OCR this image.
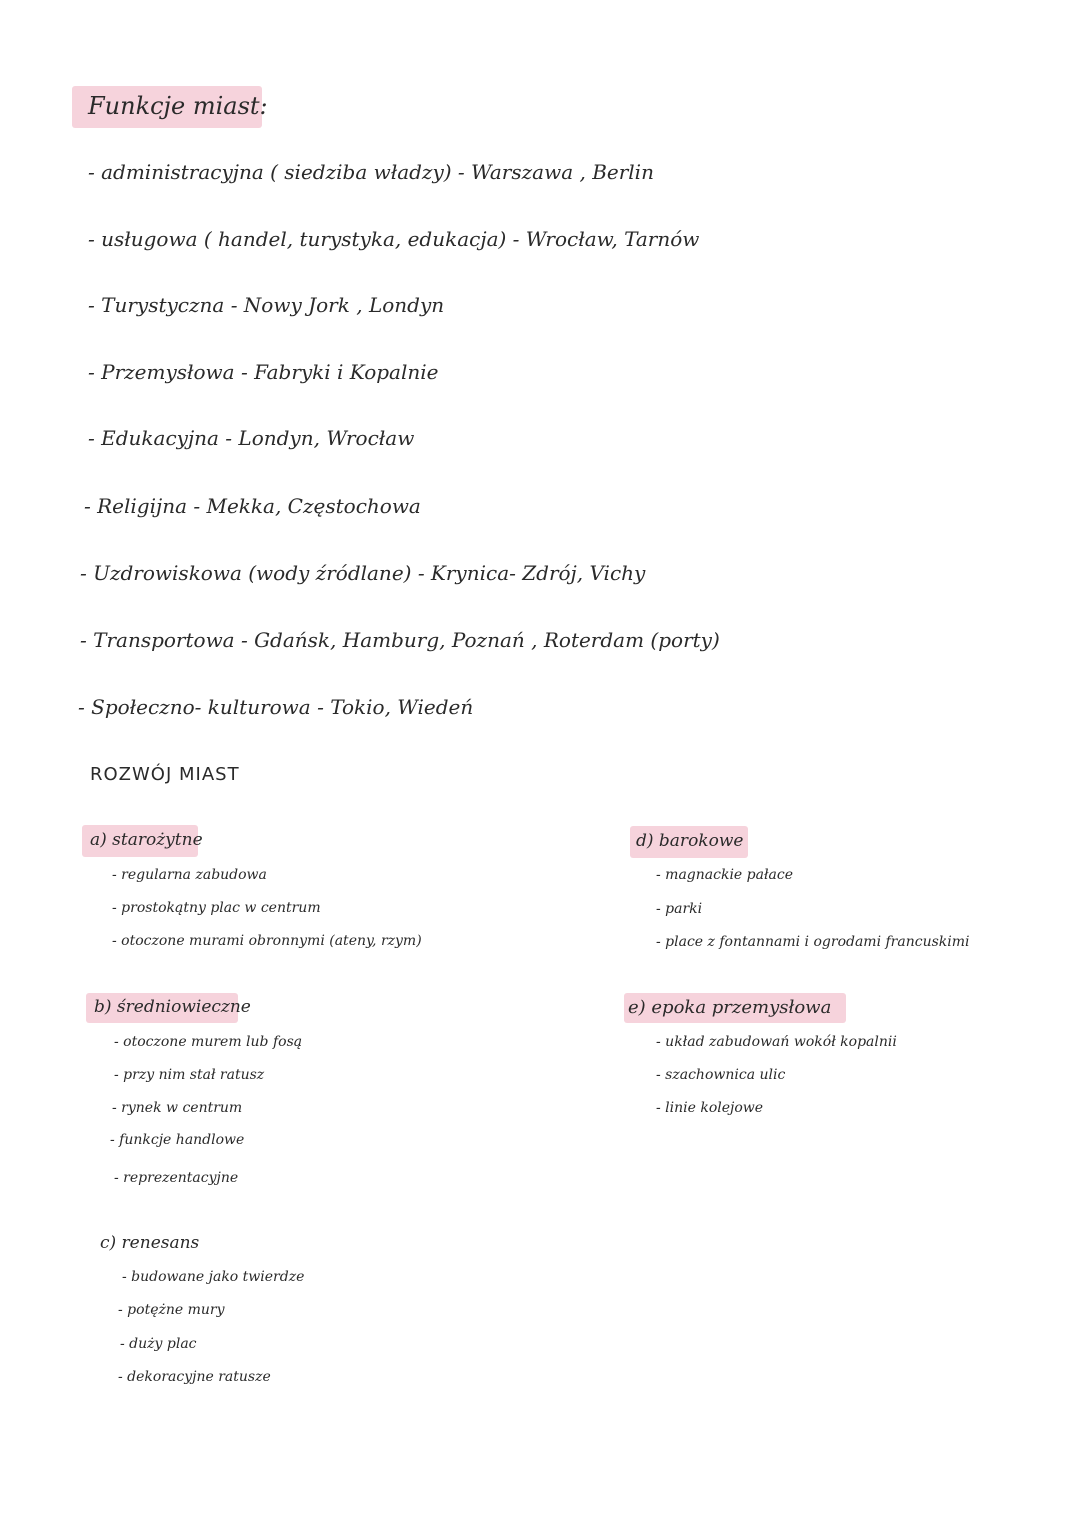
Funkcje miast:
- administracyjna ( siedziba władzy) - Warszawa , Berlin
- usługowa ( handel, turystyka, edukacja) - Wrocław, Tarnów
- Turystyczna - Nowy Jork , Londyn
- Przemysłowa - Fabryki i Kopalnie
- Edukacyjna - Londyn, Wrocław
- Religijna - Mekka, Częstochowa
- Uzdrowiskowa (wody źródlane) - Krynica- Zdrój, Vichy
- Transportowa - Gdańsk, Hamburg, Poznań , Roterdam (porty)
- Społeczno- kulturowa - Tokio, Wiedeń
ROZWÓJ MIAST
a) starożytne
- regularna zabudowa
- prostokątny plac w centrum
- otoczone murami obronnymi (ateny, rzym)
b) średniowieczne
- otoczone murem lub fosą
- przy nim stał ratusz
- rynek w centrum
- funkcje handlowe
- reprezentacyjne
c) renesans
- budowane jako twierdze
- potężne mury
- duży plac
- dekoracyjne ratusze
d) barokowe
- magnackie pałace
- parki
- place z fontannami i ogrodami francuskimi
e) epoka przemysłowa
- układ zabudowań wokół kopalnii
- szachownica ulic
- linie kolejowe
